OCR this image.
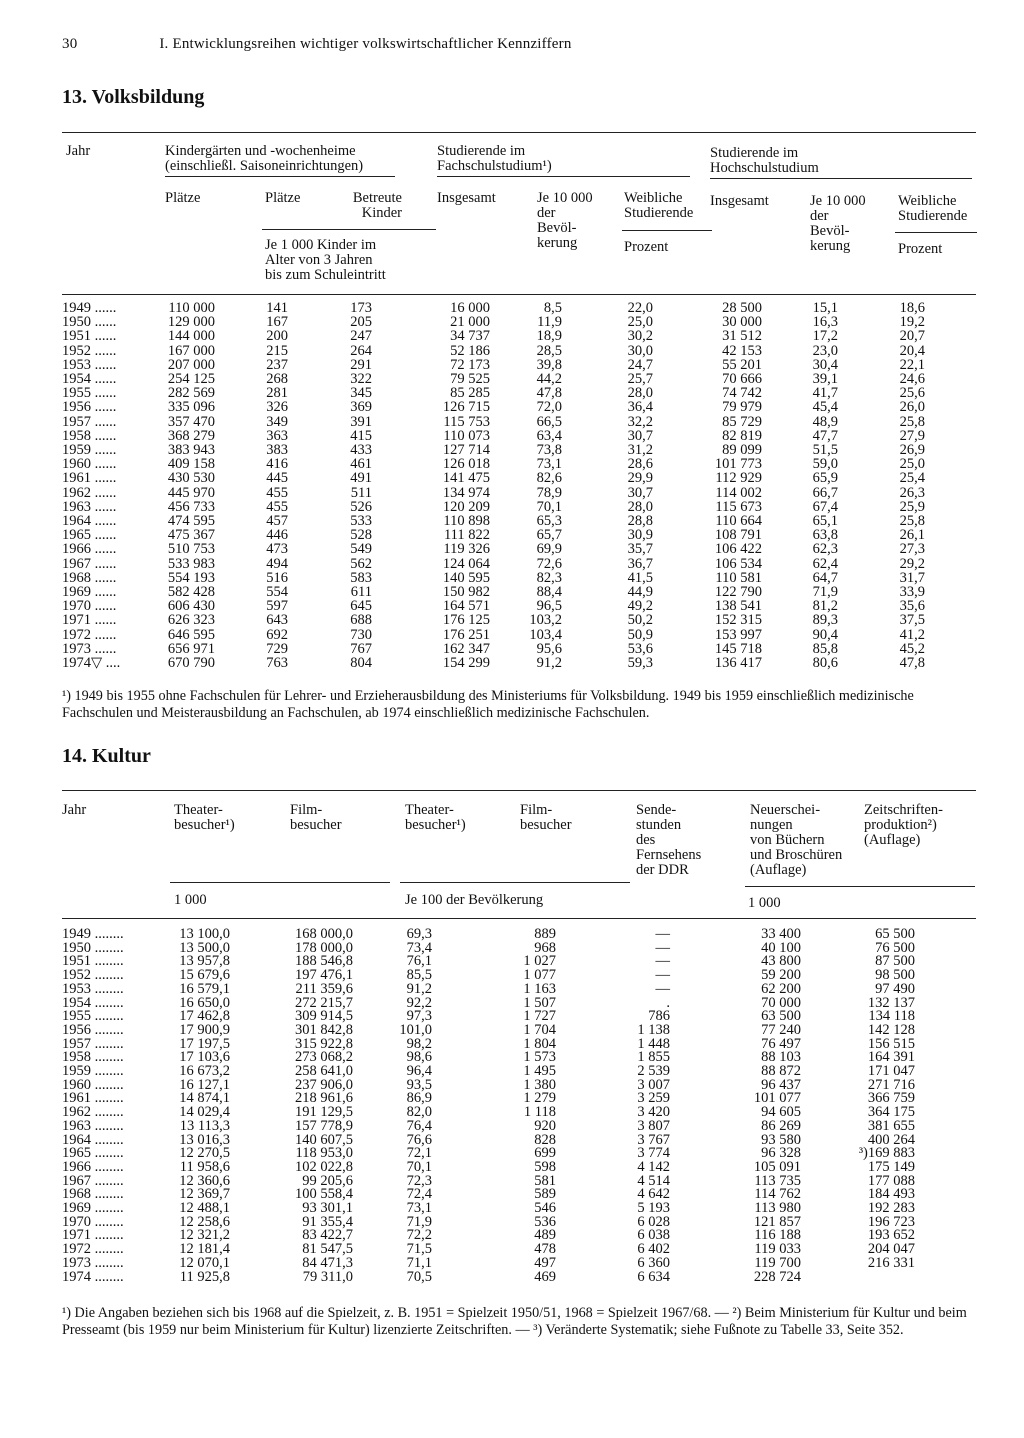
30	I. Entwicklungsreihen wichtiger volkswirtschaftlicher Kennziffern
13. Volksbildung
Jahr	Kindergärten und -wochenheime
(einschließl. Saisoneinrichtungen)
Plätze	Plätze	Betreute
Kinder
Je 1 000 Kinder im
Alter von 3 Jahren
bis zum Schuleintritt
Studierende im
Fachschulstudium¹)
Insgesamt	Je 10 000
der
Bevöl-
kerung
Weibliche
Studierende
Prozent
Studierende im
Hochschulstudium
Insgesamt	Je 10 000
der
Bevöl-
kerung
Weibliche
Studierende
Prozent
1949 ......	110 000	141	173	16 000	8,5	22,0	28 500	15,1	18,6
1950 ......	129 000	167	205	21 000	11,9	25,0	30 000	16,3	19,2
1951 ......	144 000	200	247	34 737	18,9	30,2	31 512	17,2	20,7
1952 ......	167 000	215	264	52 186	28,5	30,0	42 153	23,0	20,4
1953 ......	207 000	237	291	72 173	39,8	24,7	55 201	30,4	22,1
1954 ......	254 125	268	322	79 525	44,2	25,7	70 666	39,1	24,6
1955 ......	282 569	281	345	85 285	47,8	28,0	74 742	41,7	25,6
1956 ......	335 096	326	369	126 715	72,0	36,4	79 979	45,4	26,0
1957 ......	357 470	349	391	115 753	66,5	32,2	85 729	48,9	25,8
1958 ......	368 279	363	415	110 073	63,4	30,7	82 819	47,7	27,9
1959 ......	383 943	383	433	127 714	73,8	31,2	89 099	51,5	26,9
1960 ......	409 158	416	461	126 018	73,1	28,6	101 773	59,0	25,0
1961 ......	430 530	445	491	141 475	82,6	29,9	112 929	65,9	25,4
1962 ......	445 970	455	511	134 974	78,9	30,7	114 002	66,7	26,3
1963 ......	456 733	455	526	120 209	70,1	28,0	115 673	67,4	25,9
1964 ......	474 595	457	533	110 898	65,3	28,8	110 664	65,1	25,8
1965 ......	475 367	446	528	111 822	65,7	30,9	108 791	63,8	26,1
1966 ......	510 753	473	549	119 326	69,9	35,7	106 422	62,3	27,3
1967 ......	533 983	494	562	124 064	72,6	36,7	106 534	62,4	29,2
1968 ......	554 193	516	583	140 595	82,3	41,5	110 581	64,7	31,7
1969 ......	582 428	554	611	150 982	88,4	44,9	122 790	71,9	33,9
1970 ......	606 430	597	645	164 571	96,5	49,2	138 541	81,2	35,6
1971 ......	626 323	643	688	176 125	103,2	50,2	152 315	89,3	37,5
1972 ......	646 595	692	730	176 251	103,4	50,9	153 997	90,4	41,2
1973 ......	656 971	729	767	162 347	95,6	53,6	145 718	85,8	45,2
1974▽ ....	670 790	763	804	154 299	91,2	59,3	136 417	80,6	47,8
¹) 1949 bis 1955 ohne Fachschulen für Lehrer- und Erzieherausbildung des Ministeriums für Volksbildung. 1949 bis 1959 einschließlich medizinische Fachschulen und Meisterausbildung an Fachschulen, ab 1974 einschließlich medizinische Fachschulen.
14. Kultur
Jahr	Theater-
besucher¹)
Film-
besucher
Theater-
besucher¹)
Film-
besucher
Sende-
stunden
des
Fernsehens
der DDR
Neuerschei-
nungen
von Büchern
und Broschüren
(Auflage)
Zeitschriften-
produktion²)
(Auflage)
1 000	Je 100 der Bevölkerung	1 000
1949 ........	13 100,0	168 000,0	69,3	889	—	33 400	65 500
1950 ........	13 500,0	178 000,0	73,4	968	—	40 100	76 500
1951 ........	13 957,8	188 546,8	76,1	1 027	—	43 800	87 500
1952 ........	15 679,6	197 476,1	85,5	1 077	—	59 200	98 500
1953 ........	16 579,1	211 359,6	91,2	1 163	—	62 200	97 490
1954 ........	16 650,0	272 215,7	92,2	1 507	.	70 000	132 137
1955 ........	17 462,8	309 914,5	97,3	1 727	786	63 500	134 118
1956 ........	17 900,9	301 842,8	101,0	1 704	1 138	77 240	142 128
1957 ........	17 197,5	315 922,8	98,2	1 804	1 448	76 497	156 515
1958 ........	17 103,6	273 068,2	98,6	1 573	1 855	88 103	164 391
1959 ........	16 673,2	258 641,0	96,4	1 495	2 539	88 872	171 047
1960 ........	16 127,1	237 906,0	93,5	1 380	3 007	96 437	271 716
1961 ........	14 874,1	218 961,6	86,9	1 279	3 259	101 077	366 759
1962 ........	14 029,4	191 129,5	82,0	1 118	3 420	94 605	364 175
1963 ........	13 113,3	157 778,9	76,4	920	3 807	86 269	381 655
1964 ........	13 016,3	140 607,5	76,6	828	3 767	93 580	400 264
1965 ........	12 270,5	118 953,0	72,1	699	3 774	96 328	³)169 883
1966 ........	11 958,6	102 022,8	70,1	598	4 142	105 091	175 149
1967 ........	12 360,6	99 205,6	72,3	581	4 514	113 735	177 088
1968 ........	12 369,7	100 558,4	72,4	589	4 642	114 762	184 493
1969 ........	12 488,1	93 301,1	73,1	546	5 193	113 980	192 283
1970 ........	12 258,6	91 355,4	71,9	536	6 028	121 857	196 723
1971 ........	12 321,2	83 422,7	72,2	489	6 038	116 188	193 652
1972 ........	12 181,4	81 547,5	71,5	478	6 402	119 033	204 047
1973 ........	12 070,1	84 471,3	71,1	497	6 360	119 700	216 331
1974 ........	11 925,8	79 311,0	70,5	469	6 634	228 724
¹) Die Angaben beziehen sich bis 1968 auf die Spielzeit, z. B. 1951 = Spielzeit 1950/51, 1968 = Spielzeit 1967/68. — ²) Beim Ministerium für Kultur und beim Presseamt (bis 1959 nur beim Ministerium für Kultur) lizenzierte Zeitschriften. — ³) Veränderte Systematik; siehe Fußnote zu Tabelle 33, Seite 352.
